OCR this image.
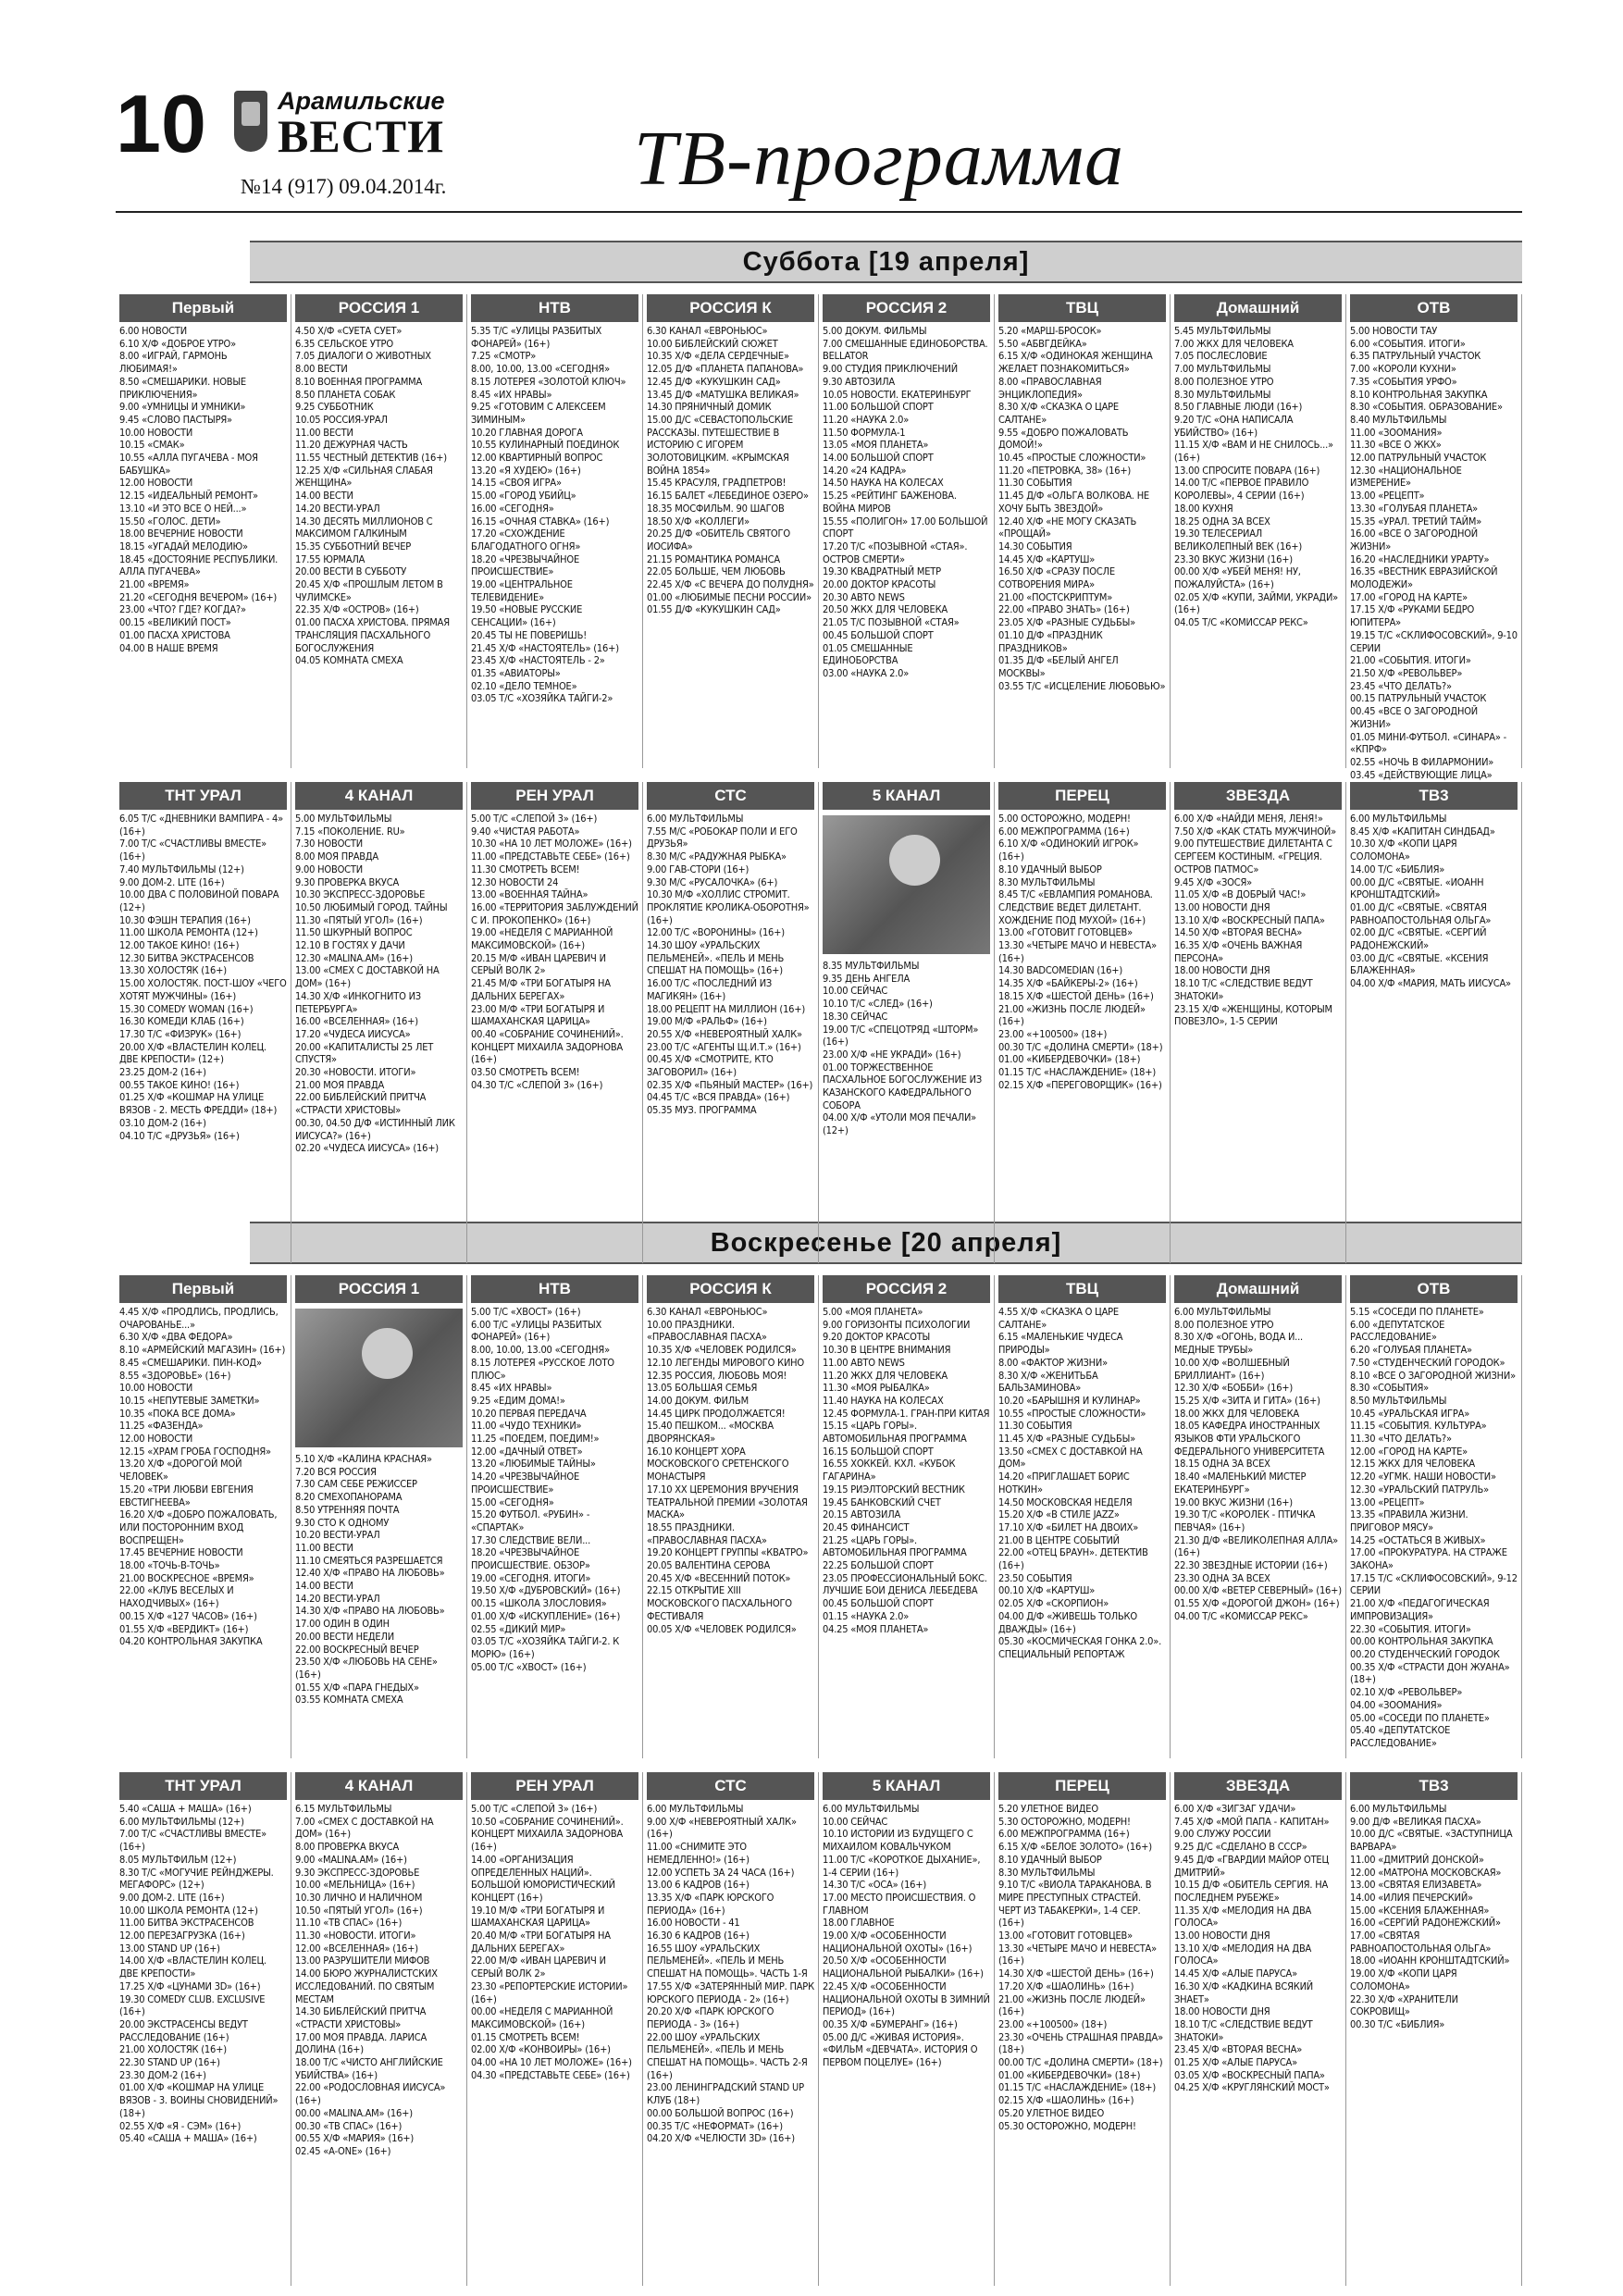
10	Арамильские
ВЕСТИ
№14 (917) 09.04.2014г. ТВ-программа
Суббота [19 апреля]
Воскресенье [20 апреля]
Первый
6.00 НОВОСТИ
6.10 Х/Ф «ДОБРОЕ УТРО»
8.00 «ИГРАЙ, ГАРМОНЬ ЛЮБИМАЯ!»
8.50 «СМЕШАРИКИ. НОВЫЕ ПРИКЛЮЧЕНИЯ»
9.00 «УМНИЦЫ И УМНИКИ»
9.45 «СЛОВО ПАСТЫРЯ»
10.00 НОВОСТИ
10.15 «СМАК»
10.55 «АЛЛА ПУГАЧЕВА - МОЯ БАБУШКА»
12.00 НОВОСТИ
12.15 «ИДЕАЛЬНЫЙ РЕМОНТ»
13.10 «И ЭТО ВСЕ О НЕЙ...»
15.50 «ГОЛОС. ДЕТИ»
18.00 ВЕЧЕРНИЕ НОВОСТИ
18.15 «УГАДАЙ МЕЛОДИЮ»
18.45 «ДОСТОЯНИЕ РЕСПУБЛИКИ. АЛЛА ПУГАЧЕВА»
21.00 «ВРЕМЯ»
21.20 «СЕГОДНЯ ВЕЧЕРОМ» (16+)
23.00 «ЧТО? ГДЕ? КОГДА?»
00.15 «ВЕЛИКИЙ ПОСТ»
01.00 ПАСХА ХРИСТОВА
04.00 В НАШЕ ВРЕМЯ
РОССИЯ 1
4.50 Х/Ф «СУЕТА СУЕТ»
6.35 СЕЛЬСКОЕ УТРО
7.05 ДИАЛОГИ О ЖИВОТНЫХ
8.00 ВЕСТИ
8.10 ВОЕННАЯ ПРОГРАММА
8.50 ПЛАНЕТА СОБАК
9.25 СУББОТНИК
10.05 РОССИЯ-УРАЛ
11.00 ВЕСТИ
11.20 ДЕЖУРНАЯ ЧАСТЬ
11.55 ЧЕСТНЫЙ ДЕТЕКТИВ (16+)
12.25 Х/Ф «СИЛЬНАЯ СЛАБАЯ ЖЕНЩИНА»
14.00 ВЕСТИ
14.20 ВЕСТИ-УРАЛ
14.30 ДЕСЯТЬ МИЛЛИОНОВ С МАКСИМОМ ГАЛКИНЫМ
15.35 СУББОТНИЙ ВЕЧЕР
17.55 ЮРМАЛА
20.00 ВЕСТИ В СУББОТУ
20.45 Х/Ф «ПРОШЛЫМ ЛЕТОМ В ЧУЛИМСКЕ»
22.35 Х/Ф «ОСТРОВ» (16+)
01.00 ПАСХА ХРИСТОВА. ПРЯМАЯ ТРАНСЛЯЦИЯ ПАСХАЛЬНОГО БОГОСЛУЖЕНИЯ
04.05 КОМНАТА СМЕХА
НТВ
5.35 Т/С «УЛИЦЫ РАЗБИТЫХ ФОНАРЕЙ» (16+)
7.25 «СМОТР»
8.00, 10.00, 13.00 «СЕГОДНЯ»
8.15 ЛОТЕРЕЯ «ЗОЛОТОЙ КЛЮЧ»
8.45 «ИХ НРАВЫ»
9.25 «ГОТОВИМ С АЛЕКСЕЕМ ЗИМИНЫМ»
10.20 ГЛАВНАЯ ДОРОГА
10.55 КУЛИНАРНЫЙ ПОЕДИНОК
12.00 КВАРТИРНЫЙ ВОПРОС
13.20 «Я ХУДЕЮ» (16+)
14.15 «СВОЯ ИГРА»
15.00 «ГОРОД УБИЙЦ»
16.00 «СЕГОДНЯ»
16.15 «ОЧНАЯ СТАВКА» (16+)
17.20 «СХОЖДЕНИЕ БЛАГОДАТНОГО ОГНЯ»
18.20 «ЧРЕЗВЫЧАЙНОЕ ПРОИСШЕСТВИЕ»
19.00 «ЦЕНТРАЛЬНОЕ ТЕЛЕВИДЕНИЕ»
19.50 «НОВЫЕ РУССКИЕ СЕНСАЦИИ» (16+)
20.45 ТЫ НЕ ПОВЕРИШЬ!
21.45 Х/Ф «НАСТОЯТЕЛЬ» (16+)
23.45 Х/Ф «НАСТОЯТЕЛЬ - 2»
01.35 «АВИАТОРЫ»
02.10 «ДЕЛО ТЕМНОЕ»
03.05 Т/С «ХОЗЯЙКА ТАЙГИ-2»
РОССИЯ К
6.30 КАНАЛ «ЕВРОНЬЮС»
10.00 БИБЛЕЙСКИЙ СЮЖЕТ
10.35 Х/Ф «ДЕЛА СЕРДЕЧНЫЕ»
12.05 Д/Ф «ПЛАНЕТА ПАПАНОВА»
12.45 Д/Ф «КУКУШКИН САД»
13.45 Д/Ф «МАТУШКА ВЕЛИКАЯ»
14.30 ПРЯНИЧНЫЙ ДОМИК
15.00 Д/С «СЕВАСТОПОЛЬСКИЕ РАССКАЗЫ. ПУТЕШЕСТВИЕ В ИСТОРИЮ С ИГОРЕМ ЗОЛОТОВИЦКИМ. «КРЫМСКАЯ ВОЙНА 1854»
15.45 КРАСУЛЯ, ГРАДПЕТРОВ!
16.15 БАЛЕТ «ЛЕБЕДИНОЕ ОЗЕРО»
18.35 МОСФИЛЬМ. 90 ШАГОВ
18.50 Х/Ф «КОЛЛЕГИ»
20.25 Д/Ф «ОБИТЕЛЬ СВЯТОГО ИОСИФА»
21.15 РОМАНТИКА РОМАНСА
22.05 БОЛЬШЕ, ЧЕМ ЛЮБОВЬ
22.45 Х/Ф «С ВЕЧЕРА ДО ПОЛУДНЯ»
01.00 «ЛЮБИМЫЕ ПЕСНИ РОССИИ»
01.55 Д/Ф «КУКУШКИН САД»
РОССИЯ 2
5.00 ДОКУМ. ФИЛЬМЫ
7.00 СМЕШАННЫЕ ЕДИНОБОРСТВА. BELLATOR
9.00 СТУДИЯ ПРИКЛЮЧЕНИЙ
9.30 АВТОЗИЛА
10.05 НОВОСТИ. ЕКАТЕРИНБУРГ
11.00 БОЛЬШОЙ СПОРТ
11.20 «НАУКА 2.0»
11.50 ФОРМУЛА-1
13.05 «МОЯ ПЛАНЕТА»
14.00 БОЛЬШОЙ СПОРТ
14.20 «24 КАДРА»
14.50 НАУКА НА КОЛЕСАХ
15.25 «РЕЙТИНГ БАЖЕНОВА. ВОЙНА МИРОВ
15.55 «ПОЛИГОН» 17.00 БОЛЬШОЙ СПОРТ
17.20 Т/С «ПОЗЫВНОЙ «СТАЯ». ОСТРОВ СМЕРТИ»
19.30 КВАДРАТНЫЙ МЕТР
20.00 ДОКТОР КРАСОТЫ
20.30 АВТО NEWS
20.50 ЖКХ ДЛЯ ЧЕЛОВЕКА
21.05 Т/С ПОЗЫВНОЙ «СТАЯ»
00.45 БОЛЬШОЙ СПОРТ
01.05 СМЕШАННЫЕ ЕДИНОБОРСТВА
03.00 «НАУКА 2.0»
ТВЦ
5.20 «МАРШ-БРОСОК»
5.50 «АБВГДЕЙКА»
6.15 Х/Ф «ОДИНОКАЯ ЖЕНЩИНА ЖЕЛАЕТ ПОЗНАКОМИТЬСЯ»
8.00 «ПРАВОСЛАВНАЯ ЭНЦИКЛОПЕДИЯ»
8.30 Х/Ф «СКАЗКА О ЦАРЕ САЛТАНЕ»
9.55 «ДОБРО ПОЖАЛОВАТЬ ДОМОЙ!»
10.45 «ПРОСТЫЕ СЛОЖНОСТИ»
11.20 «ПЕТРОВКА, 38» (16+)
11.30 СОБЫТИЯ
11.45 Д/Ф «ОЛЬГА ВОЛКОВА. НЕ ХОЧУ БЫТЬ ЗВЕЗДОЙ»
12.40 Х/Ф «НЕ МОГУ СКАЗАТЬ «ПРОЩАЙ»
14.30 СОБЫТИЯ
14.45 Х/Ф «КАРТУШ»
16.50 Х/Ф «СРАЗУ ПОСЛЕ СОТВОРЕНИЯ МИРА»
21.00 «ПОСТСКРИПТУМ»
22.00 «ПРАВО ЗНАТЬ» (16+)
23.05 Х/Ф «РАЗНЫЕ СУДЬБЫ»
01.10 Д/Ф «ПРАЗДНИК ПРАЗДНИКОВ»
01.35 Д/Ф «БЕЛЫЙ АНГЕЛ МОСКВЫ»
03.55 Т/С «ИСЦЕЛЕНИЕ ЛЮБОВЬЮ»
Домашний
5.45 МУЛЬТФИЛЬМЫ
7.00 ЖКХ ДЛЯ ЧЕЛОВЕКА
7.05 ПОСЛЕСЛОВИЕ
7.00 МУЛЬТФИЛЬМЫ
8.00 ПОЛЕЗНОЕ УТРО
8.30 МУЛЬТФИЛЬМЫ
8.50 ГЛАВНЫЕ ЛЮДИ (16+)
9.20 Т/С «ОНА НАПИСАЛА УБИЙСТВО» (16+)
11.15 Х/Ф «ВАМ И НЕ СНИЛОСЬ...» (16+)
13.00 СПРОСИТЕ ПОВАРА (16+)
14.00 Т/С «ПЕРВОЕ ПРАВИЛО КОРОЛЕВЫ», 4 СЕРИИ (16+)
18.00 КУХНЯ
18.25 ОДНА ЗА ВСЕХ
19.30 ТЕЛЕСЕРИАЛ ВЕЛИКОЛЕПНЫЙ ВЕК (16+)
23.30 ВКУС ЖИЗНИ (16+)
00.00 Х/Ф «УБЕЙ МЕНЯ! НУ, ПОЖАЛУЙСТА» (16+)
02.05 Х/Ф «КУПИ, ЗАЙМИ, УКРАДИ» (16+)
04.05 Т/С «КОМИССАР РЕКС»
ОТВ
5.00 НОВОСТИ ТАУ
6.00 «СОБЫТИЯ. ИТОГИ»
6.35 ПАТРУЛЬНЫЙ УЧАСТОК
7.00 «КОРОЛИ КУХНИ»
7.35 «СОБЫТИЯ УРФО»
8.10 КОНТРОЛЬНАЯ ЗАКУПКА
8.30 «СОБЫТИЯ. ОБРАЗОВАНИЕ»
8.40 МУЛЬТФИЛЬМЫ
11.00 «ЗООМАНИЯ»
11.30 «ВСЕ О ЖКХ»
12.00 ПАТРУЛЬНЫЙ УЧАСТОК
12.30 «НАЦИОНАЛЬНОЕ ИЗМЕРЕНИЕ»
13.00 «РЕЦЕПТ»
13.30 «ГОЛУБАЯ ПЛАНЕТА»
15.35 «УРАЛ. ТРЕТИЙ ТАЙМ»
16.00 «ВСЕ О ЗАГОРОДНОЙ ЖИЗНИ»
16.20 «НАСЛЕДНИКИ УРАРТУ»
16.35 «ВЕСТНИК ЕВРАЗИЙСКОЙ МОЛОДЕЖИ»
17.00 «ГОРОД НА КАРТЕ»
17.15 Х/Ф «РУКАМИ БЕДРО ЮПИТЕРА»
19.15 Т/С «СКЛИФОСОВСКИЙ», 9-10 СЕРИИ
21.00 «СОБЫТИЯ. ИТОГИ»
21.50 Х/Ф «РЕВОЛЬВЕР»
23.45 «ЧТО ДЕЛАТЬ?»
00.15 ПАТРУЛЬНЫЙ УЧАСТОК
00.45 «ВСЕ О ЗАГОРОДНОЙ ЖИЗНИ»
01.05 МИНИ-ФУТБОЛ. «СИНАРА» - «КПРФ»
02.55 «НОЧЬ В ФИЛАРМОНИИ»
03.45 «ДЕЙСТВУЮЩИЕ ЛИЦА»
ТНТ УРАЛ
6.05 Т/С «ДНЕВНИКИ ВАМПИРА - 4» (16+)
7.00 Т/С «СЧАСТЛИВЫ ВМЕСТЕ» (16+)
7.40 МУЛЬТФИЛЬМЫ (12+)
9.00 ДОМ-2. LITE (16+)
10.00 ДВА С ПОЛОВИНОЙ ПОВАРА (12+)
10.30 ФЭШН ТЕРАПИЯ (16+)
11.00 ШКОЛА РЕМОНТА (12+)
12.00 ТАКОЕ КИНО! (16+)
12.30 БИТВА ЭКСТРАСЕНСОВ
13.30 ХОЛОСТЯК (16+)
15.00 ХОЛОСТЯК. ПОСТ-ШОУ «ЧЕГО ХОТЯТ МУЖЧИНЫ» (16+)
15.30 COMEDY WOMAN (16+)
16.30 КОМЕДИ КЛАБ (16+)
17.30 Т/С «ФИЗРУК» (16+)
20.00 Х/Ф «ВЛАСТЕЛИН КОЛЕЦ. ДВЕ КРЕПОСТИ» (12+)
23.25 ДОМ-2 (16+)
00.55 ТАКОЕ КИНО! (16+)
01.25 Х/Ф «КОШМАР НА УЛИЦЕ ВЯЗОВ - 2. МЕСТЬ ФРЕДДИ» (18+)
03.10 ДОМ-2 (16+)
04.10 Т/С «ДРУЗЬЯ» (16+)
4 КАНАЛ
5.00 МУЛЬТФИЛЬМЫ
7.15 «ПОКОЛЕНИЕ. RU»
7.30 НОВОСТИ
8.00 МОЯ ПРАВДА
9.00 НОВОСТИ
9.30 ПРОВЕРКА ВКУСА
10.30 ЭКСПРЕСС-ЗДОРОВЬЕ
10.50 ЛЮБИМЫЙ ГОРОД. ТАЙНЫ
11.30 «ПЯТЫЙ УГОЛ» (16+)
11.50 ШКУРНЫЙ ВОПРОС
12.10 В ГОСТЯХ У ДАЧИ
12.30 «MALINA.AM» (16+)
13.00 «СМЕХ С ДОСТАВКОЙ НА ДОМ» (16+)
14.30 Х/Ф «ИНКОГНИТО ИЗ ПЕТЕРБУРГА»
16.00 «ВСЕЛЕННАЯ» (16+)
17.20 «ЧУДЕСА ИИСУСА»
20.00 «КАПИТАЛИСТЫ 25 ЛЕТ СПУСТЯ»
20.30 «НОВОСТИ. ИТОГИ»
21.00 МОЯ ПРАВДА
22.00 БИБЛЕЙСКИЙ ПРИТЧА «СТРАСТИ ХРИСТОВЫ»
00.30, 04.50 Д/Ф «ИСТИННЫЙ ЛИК ИИСУСА?» (16+)
02.20 «ЧУДЕСА ИИСУСА» (16+)
РЕН УРАЛ
5.00 Т/С «СЛЕПОЙ 3» (16+)
9.40 «ЧИСТАЯ РАБОТА»
10.30 «НА 10 ЛЕТ МОЛОЖЕ» (16+)
11.00 «ПРЕДСТАВЬТЕ СЕБЕ» (16+)
11.30 СМОТРЕТЬ ВСЕМ!
12.30 НОВОСТИ 24
13.00 «ВОЕННАЯ ТАЙНА»
16.00 «ТЕРРИТОРИЯ ЗАБЛУЖДЕНИЙ С И. ПРОКОПЕНКО» (16+)
19.00 «НЕДЕЛЯ С МАРИАННОЙ МАКСИМОВСКОЙ» (16+)
20.15 М/Ф «ИВАН ЦАРЕВИЧ И СЕРЫЙ ВОЛК 2»
21.45 М/Ф «ТРИ БОГАТЫРЯ НА ДАЛЬНИХ БЕРЕГАХ»
23.00 М/Ф «ТРИ БОГАТЫРЯ И ШАМАХАНСКАЯ ЦАРИЦА»
00.40 «СОБРАНИЕ СОЧИНЕНИЙ». КОНЦЕРТ МИХАИЛА ЗАДОРНОВА (16+)
03.50 СМОТРЕТЬ ВСЕМ!
04.30 Т/С «СЛЕПОЙ 3» (16+)
СТС
6.00 МУЛЬТФИЛЬМЫ
7.55 М/С «РОБОКАР ПОЛИ И ЕГО ДРУЗЬЯ»
8.30 М/С «РАДУЖНАЯ РЫБКА»
9.00 ГАВ-СТОРИ (16+)
9.30 М/С «РУСАЛОЧКА» (6+)
10.30 М/Ф «ХОЛЛИС СТРОМИТ. ПРОКЛЯТИЕ КРОЛИКА-ОБОРОТНЯ» (16+)
12.00 Т/С «ВОРОНИНЫ» (16+)
14.30 ШОУ «УРАЛЬСКИХ ПЕЛЬМЕНЕЙ». «ПЕЛЬ И МЕНЬ СПЕШАТ НА ПОМОЩЬ» (16+)
16.00 Т/С «ПОСЛЕДНИЙ ИЗ МАГИКЯН» (16+)
18.00 РЕЦЕПТ НА МИЛЛИОН (16+)
19.00 М/Ф «РАЛЬФ» (16+)
20.55 Х/Ф «НЕВЕРОЯТНЫЙ ХАЛК»
23.00 Т/С «АГЕНТЫ Щ.И.Т.» (16+)
00.45 Х/Ф «СМОТРИТЕ, КТО ЗАГОВОРИЛ» (16+)
02.35 Х/Ф «ПЬЯНЫЙ МАСТЕР» (16+)
04.45 Т/С «ВСЯ ПРАВДА» (16+)
05.35 МУЗ. ПРОГРАММА
5 КАНАЛ
8.35 МУЛЬТФИЛЬМЫ
9.35 ДЕНЬ АНГЕЛА
10.00 СЕЙЧАС
10.10 Т/С «СЛЕД» (16+)
18.30 СЕЙЧАС
19.00 Т/С «СПЕЦОТРЯД «ШТОРМ» (16+)
23.00 Х/Ф «НЕ УКРАДИ» (16+)
01.00 ТОРЖЕСТВЕННОЕ ПАСХАЛЬНОЕ БОГОСЛУЖЕНИЕ ИЗ КАЗАНСКОГО КАФЕДРАЛЬНОГО СОБОРА
04.00 Х/Ф «УТОЛИ МОЯ ПЕЧАЛИ» (12+)
ПЕРЕЦ
5.00 ОСТОРОЖНО, МОДЕРН!
6.00 МЕЖПРОГРАММА (16+)
6.10 Х/Ф «ОДИНОКИЙ ИГРОК» (16+)
8.10 УДАЧНЫЙ ВЫБОР
8.30 МУЛЬТФИЛЬМЫ
8.45 Т/С «ЕВЛАМПИЯ РОМАНОВА. СЛЕДСТВИЕ ВЕДЕТ ДИЛЕТАНТ. ХОЖДЕНИЕ ПОД МУХОЙ» (16+)
13.00 «ГОТОВИТ ГОТОВЦЕВ»
13.30 «ЧЕТЫРЕ МАЧО И НЕВЕСТА» (16+)
14.30 BADCOMEDIAN (16+)
14.35 Х/Ф «БАЙКЕРЫ-2» (16+)
18.15 Х/Ф «ШЕСТОЙ ДЕНЬ» (16+)
21.00 «ЖИЗНЬ ПОСЛЕ ЛЮДЕЙ» (16+)
23.00 «+100500» (18+)
00.30 Т/С «ДОЛИНА СМЕРТИ» (18+)
01.00 «КИБЕРДЕВОЧКИ» (18+)
01.15 Т/С «НАСЛАЖДЕНИЕ» (18+)
02.15 Х/Ф «ПЕРЕГОВОРЩИК» (16+)
ЗВЕЗДА
6.00 Х/Ф «НАЙДИ МЕНЯ, ЛЕНЯ!»
7.50 Х/Ф «КАК СТАТЬ МУЖЧИНОЙ»
9.00 ПУТЕШЕСТВИЕ ДИЛЕТАНТА С СЕРГЕЕМ КОСТИНЫМ. «ГРЕЦИЯ. ОСТРОВ ПАТМОС»
9.45 Х/Ф «ЗОСЯ»
11.05 Х/Ф «В ДОБРЫЙ ЧАС!»
13.00 НОВОСТИ ДНЯ
13.10 Х/Ф «ВОСКРЕСНЫЙ ПАПА»
14.50 Х/Ф «ВТОРАЯ ВЕСНА»
16.35 Х/Ф «ОЧЕНЬ ВАЖНАЯ ПЕРСОНА»
18.00 НОВОСТИ ДНЯ
18.10 Т/С «СЛЕДСТВИЕ ВЕДУТ ЗНАТОКИ»
23.15 Х/Ф «ЖЕНЩИНЫ, КОТОРЫМ ПОВЕЗЛО», 1-5 СЕРИИ
ТВ3
6.00 МУЛЬТФИЛЬМЫ
8.45 Х/Ф «КАПИТАН СИНДБАД»
10.30 Х/Ф «КОПИ ЦАРЯ СОЛОМОНА»
14.00 Т/С «БИБЛИЯ»
00.00 Д/С «СВЯТЫЕ. «ИОАНН КРОНШТАДТСКИЙ»
01.00 Д/С «СВЯТЫЕ. «СВЯТАЯ РАВНОАПОСТОЛЬНАЯ ОЛЬГА»
02.00 Д/С «СВЯТЫЕ. «СЕРГИЙ РАДОНЕЖСКИЙ»
03.00 Д/С «СВЯТЫЕ. «КСЕНИЯ БЛАЖЕННАЯ»
04.00 Х/Ф «МАРИЯ, МАТЬ ИИСУСА»
Первый
4.45 Х/Ф «ПРОДЛИСЬ, ПРОДЛИСЬ, ОЧАРОВАНЬЕ...»
6.30 Х/Ф «ДВА ФЕДОРА»
8.10 «АРМЕЙСКИЙ МАГАЗИН» (16+)
8.45 «СМЕШАРИКИ. ПИН-КОД»
8.55 «ЗДОРОВЬЕ» (16+)
10.00 НОВОСТИ
10.15 «НЕПУТЕВЫЕ ЗАМЕТКИ»
10.35 «ПОКА ВСЕ ДОМА»
11.25 «ФАЗЕНДА»
12.00 НОВОСТИ
12.15 «ХРАМ ГРОБА ГОСПОДНЯ»
13.20 Х/Ф «ДОРОГОЙ МОЙ ЧЕЛОВЕК»
15.20 «ТРИ ЛЮБВИ ЕВГЕНИЯ ЕВСТИГНЕЕВА»
16.20 Х/Ф «ДОБРО ПОЖАЛОВАТЬ, ИЛИ ПОСТОРОННИМ ВХОД ВОСПРЕЩЕН»
17.45 ВЕЧЕРНИЕ НОВОСТИ
18.00 «ТОЧЬ-В-ТОЧЬ»
21.00 ВОСКРЕСНОЕ «ВРЕМЯ»
22.00 «КЛУБ ВЕСЕЛЫХ И НАХОДЧИВЫХ» (16+)
00.15 Х/Ф «127 ЧАСОВ» (16+)
01.55 Х/Ф «ВЕРДИКТ» (16+)
04.20 КОНТРОЛЬНАЯ ЗАКУПКА
РОССИЯ 1
5.10 Х/Ф «КАЛИНА КРАСНАЯ»
7.20 ВСЯ РОССИЯ
7.30 САМ СЕБЕ РЕЖИССЕР
8.20 СМЕХОПАНОРАМА
8.50 УТРЕННЯЯ ПОЧТА
9.30 СТО К ОДНОМУ
10.20 ВЕСТИ-УРАЛ
11.00 ВЕСТИ
11.10 СМЕЯТЬСЯ РАЗРЕШАЕТСЯ
12.40 Х/Ф «ПРАВО НА ЛЮБОВЬ»
14.00 ВЕСТИ
14.20 ВЕСТИ-УРАЛ
14.30 Х/Ф «ПРАВО НА ЛЮБОВЬ»
17.00 ОДИН В ОДИН
20.00 ВЕСТИ НЕДЕЛИ
22.00 ВОСКРЕСНЫЙ ВЕЧЕР
23.50 Х/Ф «ЛЮБОВЬ НА СЕНЕ» (16+)
01.55 Х/Ф «ПАРА ГНЕДЫХ»
03.55 КОМНАТА СМЕХА
НТВ
5.00 Т/С «ХВОСТ» (16+)
6.00 Т/С «УЛИЦЫ РАЗБИТЫХ ФОНАРЕЙ» (16+)
8.00, 10.00, 13.00 «СЕГОДНЯ»
8.15 ЛОТЕРЕЯ «РУССКОЕ ЛОТО ПЛЮС»
8.45 «ИХ НРАВЫ»
9.25 «ЕДИМ ДОМА!»
10.20 ПЕРВАЯ ПЕРЕДАЧА
11.00 «ЧУДО ТЕХНИКИ»
11.25 «ПОЕДЕМ, ПОЕДИМ!»
12.00 «ДАЧНЫЙ ОТВЕТ»
13.20 «ЛЮБИМЫЕ ТАЙНЫ»
14.20 «ЧРЕЗВЫЧАЙНОЕ ПРОИСШЕСТВИЕ»
15.00 «СЕГОДНЯ»
15.20 ФУТБОЛ. «РУБИН» - «СПАРТАК»
17.30 СЛЕДСТВИЕ ВЕЛИ...
18.20 «ЧРЕЗВЫЧАЙНОЕ ПРОИСШЕСТВИЕ. ОБЗОР»
19.00 «СЕГОДНЯ. ИТОГИ»
19.50 Х/Ф «ДУБРОВСКИЙ» (16+)
00.15 «ШКОЛА ЗЛОСЛОВИЯ»
01.00 Х/Ф «ИСКУПЛЕНИЕ» (16+)
02.55 «ДИКИЙ МИР»
03.05 Т/С «ХОЗЯЙКА ТАЙГИ-2. К МОРЮ» (16+)
05.00 Т/С «ХВОСТ» (16+)
РОССИЯ К
6.30 КАНАЛ «ЕВРОНЬЮС»
10.00 ПРАЗДНИКИ. «ПРАВОСЛАВНАЯ ПАСХА»
10.35 Х/Ф «ЧЕЛОВЕК РОДИЛСЯ»
12.10 ЛЕГЕНДЫ МИРОВОГО КИНО
12.35 РОССИЯ, ЛЮБОВЬ МОЯ!
13.05 БОЛЬШАЯ СЕМЬЯ
14.00 ДОКУМ. ФИЛЬМ
14.45 ЦИРК ПРОДОЛЖАЕТСЯ!
15.40 ПЕШКОМ... «МОСКВА ДВОРЯНСКАЯ»
16.10 КОНЦЕРТ ХОРА МОСКОВСКОГО СРЕТЕНСКОГО МОНАСТЫРЯ
17.10 ХХ ЦЕРЕМОНИЯ ВРУЧЕНИЯ ТЕАТРАЛЬНОЙ ПРЕМИИ «ЗОЛОТАЯ МАСКА»
18.55 ПРАЗДНИКИ. «ПРАВОСЛАВНАЯ ПАСХА»
19.20 КОНЦЕРТ ГРУППЫ «КВАТРО»
20.05 ВАЛЕНТИНА СЕРОВА
20.45 Х/Ф «ВЕСЕННИЙ ПОТОК»
22.15 ОТКРЫТИЕ XIII МОСКОВСКОГО ПАСХАЛЬНОГО ФЕСТИВАЛЯ
00.05 Х/Ф «ЧЕЛОВЕК РОДИЛСЯ»
РОССИЯ 2
5.00 «МОЯ ПЛАНЕТА»
9.00 ГОРИЗОНТЫ ПСИХОЛОГИИ
9.20 ДОКТОР КРАСОТЫ
10.30 В ЦЕНТРЕ ВНИМАНИЯ
11.00 АВТО NEWS
11.20 ЖКХ ДЛЯ ЧЕЛОВЕКА
11.30 «МОЯ РЫБАЛКА»
11.40 НАУКА НА КОЛЕСАХ
12.45 ФОРМУЛА-1. ГРАН-ПРИ КИТАЯ
15.15 «ЦАРЬ ГОРЫ». АВТОМОБИЛЬНАЯ ПРОГРАММА
16.15 БОЛЬШОЙ СПОРТ
16.55 ХОККЕЙ. КХЛ. «КУБОК ГАГАРИНА»
19.15 РИЭЛТОРСКИЙ ВЕСТНИК
19.45 БАНКОВСКИЙ СЧЕТ
20.15 АВТОЗИЛА
20.45 ФИНАНСИСТ
21.25 «ЦАРЬ ГОРЫ». АВТОМОБИЛЬНАЯ ПРОГРАММА
22.25 БОЛЬШОЙ СПОРТ
23.05 ПРОФЕССИОНАЛЬНЫЙ БОКС. ЛУЧШИЕ БОИ ДЕНИСА ЛЕБЕДЕВА
00.45 БОЛЬШОЙ СПОРТ
01.15 «НАУКА 2.0»
04.25 «МОЯ ПЛАНЕТА»
ТВЦ
4.55 Х/Ф «СКАЗКА О ЦАРЕ САЛТАНЕ»
6.15 «МАЛЕНЬКИЕ ЧУДЕСА ПРИРОДЫ»
8.00 «ФАКТОР ЖИЗНИ»
8.30 Х/Ф «ЖЕНИТЬБА БАЛЬЗАМИНОВА»
10.20 «БАРЫШНЯ И КУЛИНАР»
10.55 «ПРОСТЫЕ СЛОЖНОСТИ»
11.30 СОБЫТИЯ
11.45 Х/Ф «РАЗНЫЕ СУДЬБЫ»
13.50 «СМЕХ С ДОСТАВКОЙ НА ДОМ»
14.20 «ПРИГЛАШАЕТ БОРИС НОТКИН»
14.50 МОСКОВСКАЯ НЕДЕЛЯ
15.20 Х/Ф «В СТИЛЕ JAZZ»
17.10 Х/Ф «БИЛЕТ НА ДВОИХ»
21.00 В ЦЕНТРЕ СОБЫТИЙ
22.00 «ОТЕЦ БРАУН». ДЕТЕКТИВ (16+)
23.50 СОБЫТИЯ
00.10 Х/Ф «КАРТУШ»
02.05 Х/Ф «СКОРПИОН»
04.00 Д/Ф «ЖИВЕШЬ ТОЛЬКО ДВАЖДЫ» (16+)
05.30 «КОСМИЧЕСКАЯ ГОНКА 2.0». СПЕЦИАЛЬНЫЙ РЕПОРТАЖ
Домашний
6.00 МУЛЬТФИЛЬМЫ
8.00 ПОЛЕЗНОЕ УТРО
8.30 Х/Ф «ОГОНЬ, ВОДА И... МЕДНЫЕ ТРУБЫ»
10.00 Х/Ф «ВОЛШЕБНЫЙ БРИЛЛИАНТ» (16+)
12.30 Х/Ф «БОББИ» (16+)
15.25 Х/Ф «ЗИТА И ГИТА» (16+)
18.00 ЖКХ ДЛЯ ЧЕЛОВЕКА
18.05 КАФЕДРА ИНОСТРАННЫХ ЯЗЫКОВ ФТИ УРАЛЬСКОГО ФЕДЕРАЛЬНОГО УНИВЕРСИТЕТА
18.15 ОДНА ЗА ВСЕХ
18.40 «МАЛЕНЬКИЙ МИСТЕР ЕКАТЕРИНБУРГ»
19.00 ВКУС ЖИЗНИ (16+)
19.30 Т/С «КОРОЛЕК - ПТИЧКА ПЕВЧАЯ» (16+)
21.30 Д/Ф «ВЕЛИКОЛЕПНАЯ АЛЛА» (16+)
22.30 ЗВЕЗДНЫЕ ИСТОРИИ (16+)
23.30 ОДНА ЗА ВСЕХ
00.00 Х/Ф «ВЕТЕР СЕВЕРНЫЙ» (16+)
01.55 Х/Ф «ДОРОГОЙ ДЖОН» (16+)
04.00 Т/С «КОМИССАР РЕКС»
ОТВ
5.15 «СОСЕДИ ПО ПЛАНЕТЕ»
6.00 «ДЕПУТАТСКОЕ РАССЛЕДОВАНИЕ»
6.20 «ГОЛУБАЯ ПЛАНЕТА»
7.50 «СТУДЕНЧЕСКИЙ ГОРОДОК»
8.10 «ВСЕ О ЗАГОРОДНОЙ ЖИЗНИ»
8.30 «СОБЫТИЯ»
8.50 МУЛЬТФИЛЬМЫ
10.45 «УРАЛЬСКАЯ ИГРА»
11.15 «СОБЫТИЯ. КУЛЬТУРА»
11.30 «ЧТО ДЕЛАТЬ?»
12.00 «ГОРОД НА КАРТЕ»
12.15 ЖКХ ДЛЯ ЧЕЛОВЕКА
12.20 «УГМК. НАШИ НОВОСТИ»
12.30 «УРАЛЬСКИЙ ПАТРУЛЬ»
13.00 «РЕЦЕПТ»
13.35 «ПРАВИЛА ЖИЗНИ. ПРИГОВОР МЯСУ»
14.25 «ОСТАТЬСЯ В ЖИВЫХ»
17.00 «ПРОКУРАТУРА. НА СТРАЖЕ ЗАКОНА»
17.15 Т/С «СКЛИФОСОВСКИЙ», 9-12 СЕРИИ
21.00 Х/Ф «ПЕДАГОГИЧЕСКАЯ ИМПРОВИЗАЦИЯ»
22.30 «СОБЫТИЯ. ИТОГИ»
00.00 КОНТРОЛЬНАЯ ЗАКУПКА
00.20 СТУДЕНЧЕСКИЙ ГОРОДОК
00.35 Х/Ф «СТРАСТИ ДОН ЖУАНА» (18+)
02.10 Х/Ф «РЕВОЛЬВЕР»
04.00 «ЗООМАНИЯ»
05.00 «СОСЕДИ ПО ПЛАНЕТЕ»
05.40 «ДЕПУТАТСКОЕ РАССЛЕДОВАНИЕ»
ТНТ УРАЛ
5.40 «САША + МАША» (16+)
6.00 МУЛЬТФИЛЬМЫ (12+)
7.00 Т/С «СЧАСТЛИВЫ ВМЕСТЕ» (16+)
8.05 МУЛЬТФИЛЬМ (12+)
8.30 Т/С «МОГУЧИЕ РЕЙНДЖЕРЫ. МЕГАФОРС» (12+)
9.00 ДОМ-2. LITE (16+)
10.00 ШКОЛА РЕМОНТА (12+)
11.00 БИТВА ЭКСТРАСЕНСОВ
12.00 ПЕРЕЗАГРУЗКА (16+)
13.00 STAND UP (16+)
14.00 Х/Ф «ВЛАСТЕЛИН КОЛЕЦ. ДВЕ КРЕПОСТИ»
17.25 Х/Ф «ЦУНАМИ 3D» (16+)
19.30 COMEDY CLUB. EXCLUSIVE (16+)
20.00 ЭКСТРАСЕНСЫ ВЕДУТ РАССЛЕДОВАНИЕ (16+)
21.00 ХОЛОСТЯК (16+)
22.30 STAND UP (16+)
23.30 ДОМ-2 (16+)
01.00 Х/Ф «КОШМАР НА УЛИЦЕ ВЯЗОВ - 3. ВОИНЫ СНОВИДЕНИЙ» (18+)
02.55 Х/Ф «Я - СЭМ» (16+)
05.40 «САША + МАША» (16+)
4 КАНАЛ
6.15 МУЛЬТФИЛЬМЫ
7.00 «СМЕХ С ДОСТАВКОЙ НА ДОМ» (16+)
8.00 ПРОВЕРКА ВКУСА
9.00 «MALINA.AM» (16+)
9.30 ЭКСПРЕСС-ЗДОРОВЬЕ
10.00 «МЕЛЬНИЦА» (16+)
10.30 ЛИЧНО И НАЛИЧНОМ
10.50 «ПЯТЫЙ УГОЛ» (16+)
11.10 «ТВ СПАС» (16+)
11.30 «НОВОСТИ. ИТОГИ»
12.00 «ВСЕЛЕННАЯ» (16+)
13.00 РАЗРУШИТЕЛИ МИФОВ
14.00 БЮРО ЖУРНАЛИСТСКИХ ИССЛЕДОВАНИЙ. ПО СВЯТЫМ МЕСТАМ
14.30 БИБЛЕЙСКИЙ ПРИТЧА «СТРАСТИ ХРИСТОВЫ»
17.00 МОЯ ПРАВДА. ЛАРИСА ДОЛИНА (16+)
18.00 Т/С «ЧИСТО АНГЛИЙСКИЕ УБИЙСТВА» (16+)
22.00 «РОДОСЛОВНАЯ ИИСУСА» (16+)
00.00 «MALINA.AM» (16+)
00.30 «ТВ СПАС» (16+)
00.55 Х/Ф «МАРИЯ» (16+)
02.45 «А-ONE» (16+)
РЕН УРАЛ
5.00 Т/С «СЛЕПОЙ 3» (16+)
10.50 «СОБРАНИЕ СОЧИНЕНИЙ». КОНЦЕРТ МИХАИЛА ЗАДОРНОВА (16+)
14.00 «ОРГАНИЗАЦИЯ ОПРЕДЕЛЕННЫХ НАЦИЙ». БОЛЬШОЙ ЮМОРИСТИЧЕСКИЙ КОНЦЕРТ (16+)
19.10 М/Ф «ТРИ БОГАТЫРЯ И ШАМАХАНСКАЯ ЦАРИЦА»
20.40 М/Ф «ТРИ БОГАТЫРЯ НА ДАЛЬНИХ БЕРЕГАХ»
22.00 М/Ф «ИВАН ЦАРЕВИЧ И СЕРЫЙ ВОЛК 2»
23.30 «РЕПОРТЕРСКИЕ ИСТОРИИ» (16+)
00.00 «НЕДЕЛЯ С МАРИАННОЙ МАКСИМОВСКОЙ» (16+)
01.15 СМОТРЕТЬ ВСЕМ!
02.00 Х/Ф «КОНВОИРЫ» (16+)
04.00 «НА 10 ЛЕТ МОЛОЖЕ» (16+)
04.30 «ПРЕДСТАВЬТЕ СЕБЕ» (16+)
СТС
6.00 МУЛЬТФИЛЬМЫ
9.00 Х/Ф «НЕВЕРОЯТНЫЙ ХАЛК» (16+)
11.00 «СНИМИТЕ ЭТО НЕМЕДЛЕННО!» (16+)
12.00 УСПЕТЬ ЗА 24 ЧАСА (16+)
13.00 6 КАДРОВ (16+)
13.35 Х/Ф «ПАРК ЮРСКОГО ПЕРИОДА» (16+)
16.00 НОВОСТИ - 41
16.30 6 КАДРОВ (16+)
16.55 ШОУ «УРАЛЬСКИХ ПЕЛЬМЕНЕЙ». «ПЕЛЬ И МЕНЬ СПЕШАТ НА ПОМОЩЬ». ЧАСТЬ 1-Я
17.55 Х/Ф «ЗАТЕРЯННЫЙ МИР. ПАРК ЮРСКОГО ПЕРИОДА - 2» (16+)
20.20 Х/Ф «ПАРК ЮРСКОГО ПЕРИОДА - 3» (16+)
22.00 ШОУ «УРАЛЬСКИХ ПЕЛЬМЕНЕЙ». «ПЕЛЬ И МЕНЬ СПЕШАТ НА ПОМОЩЬ». ЧАСТЬ 2-Я (16+)
23.00 ЛЕНИНГРАДСКИЙ STAND UP КЛУБ (18+)
00.00 БОЛЬШОЙ ВОПРОС (16+)
00.35 Т/С «НЕФОРМАТ» (16+)
04.20 Х/Ф «ЧЕЛЮСТИ 3D» (16+)
5 КАНАЛ
6.00 МУЛЬТФИЛЬМЫ
10.00 СЕЙЧАС
10.10 ИСТОРИИ ИЗ БУДУЩЕГО С МИХАИЛОМ КОВАЛЬЧУКОМ
11.00 Т/С «КОРОТКОЕ ДЫХАНИЕ», 1-4 СЕРИИ (16+)
14.30 Т/С «ОСА» (16+)
17.00 МЕСТО ПРОИСШЕСТВИЯ. О ГЛАВНОМ
18.00 ГЛАВНОЕ
19.00 Х/Ф «ОСОБЕННОСТИ НАЦИОНАЛЬНОЙ ОХОТЫ» (16+)
20.50 Х/Ф «ОСОБЕННОСТИ НАЦИОНАЛЬНОЙ РЫБАЛКИ» (16+)
22.45 Х/Ф «ОСОБЕННОСТИ НАЦИОНАЛЬНОЙ ОХОТЫ В ЗИМНИЙ ПЕРИОД» (16+)
00.35 Х/Ф «БУМЕРАНГ» (16+)
05.00 Д/С «ЖИВАЯ ИСТОРИЯ». «ФИЛЬМ «ДЕВЧАТА». ИСТОРИЯ О ПЕРВОМ ПОЦЕЛУЕ» (16+)
ПЕРЕЦ
5.20 УЛЕТНОЕ ВИДЕО
5.30 ОСТОРОЖНО, МОДЕРН!
6.00 МЕЖПРОГРАММА (16+)
6.15 Х/Ф «БЕЛОЕ ЗОЛОТО» (16+)
8.10 УДАЧНЫЙ ВЫБОР
8.30 МУЛЬТФИЛЬМЫ
9.10 Т/С «ВИОЛА ТАРАКАНОВА. В МИРЕ ПРЕСТУПНЫХ СТРАСТЕЙ. ЧЕРТ ИЗ ТАБАКЕРКИ», 1-4 СЕР. (16+)
13.00 «ГОТОВИТ ГОТОВЦЕВ»
13.30 «ЧЕТЫРЕ МАЧО И НЕВЕСТА» (16+)
14.30 Х/Ф «ШЕСТОЙ ДЕНЬ» (16+)
17.20 Х/Ф «ШАОЛИНЬ» (16+)
21.00 «ЖИЗНЬ ПОСЛЕ ЛЮДЕЙ» (16+)
23.00 «+100500» (18+)
23.30 «ОЧЕНЬ СТРАШНАЯ ПРАВДА» (18+)
00.00 Т/С «ДОЛИНА СМЕРТИ» (18+)
01.00 «КИБЕРДЕВОЧКИ» (18+)
01.15 Т/С «НАСЛАЖДЕНИЕ» (18+)
02.15 Х/Ф «ШАОЛИНЬ» (16+)
05.20 УЛЕТНОЕ ВИДЕО
05.30 ОСТОРОЖНО, МОДЕРН!
ЗВЕЗДА
6.00 Х/Ф «ЗИГЗАГ УДАЧИ»
7.45 Х/Ф «МОЙ ПАПА - КАПИТАН»
9.00 СЛУЖУ РОССИИ
9.25 Д/С «СДЕЛАНО В СССР»
9.45 Д/Ф «ГВАРДИИ МАЙОР ОТЕЦ ДМИТРИЙ»
10.15 Д/Ф «ОБИТЕЛЬ СЕРГИЯ. НА ПОСЛЕДНЕМ РУБЕЖЕ»
11.35 Х/Ф «МЕЛОДИЯ НА ДВА ГОЛОСА»
13.00 НОВОСТИ ДНЯ
13.10 Х/Ф «МЕЛОДИЯ НА ДВА ГОЛОСА»
14.45 Х/Ф «АЛЫЕ ПАРУСА»
16.30 Х/Ф «КАДКИНА ВСЯКИЙ ЗНАЕТ»
18.00 НОВОСТИ ДНЯ
18.10 Т/С «СЛЕДСТВИЕ ВЕДУТ ЗНАТОКИ»
23.45 Х/Ф «ВТОРАЯ ВЕСНА»
01.25 Х/Ф «АЛЫЕ ПАРУСА»
03.05 Х/Ф «ВОСКРЕСНЫЙ ПАПА»
04.25 Х/Ф «КРУГЛЯНСКИЙ МОСТ»
ТВ3
6.00 МУЛЬТФИЛЬМЫ
9.00 Д/Ф «ВЕЛИКАЯ ПАСХА»
10.00 Д/С «СВЯТЫЕ. «ЗАСТУПНИЦА ВАРВАРА»
11.00 «ДМИТРИЙ ДОНСКОЙ»
12.00 «МАТРОНА МОСКОВСКАЯ»
13.00 «СВЯТАЯ ЕЛИЗАВЕТА»
14.00 «ИЛИЯ ПЕЧЕРСКИЙ»
15.00 «КСЕНИЯ БЛАЖЕННАЯ»
16.00 «СЕРГИЙ РАДОНЕЖСКИЙ»
17.00 «СВЯТАЯ РАВНОАПОСТОЛЬНАЯ ОЛЬГА»
18.00 «ИОАНН КРОНШТАДТСКИЙ»
19.00 Х/Ф «КОПИ ЦАРЯ СОЛОМОНА»
22.30 Х/Ф «ХРАНИТЕЛИ СОКРОВИЩ»
00.30 Т/С «БИБЛИЯ»
